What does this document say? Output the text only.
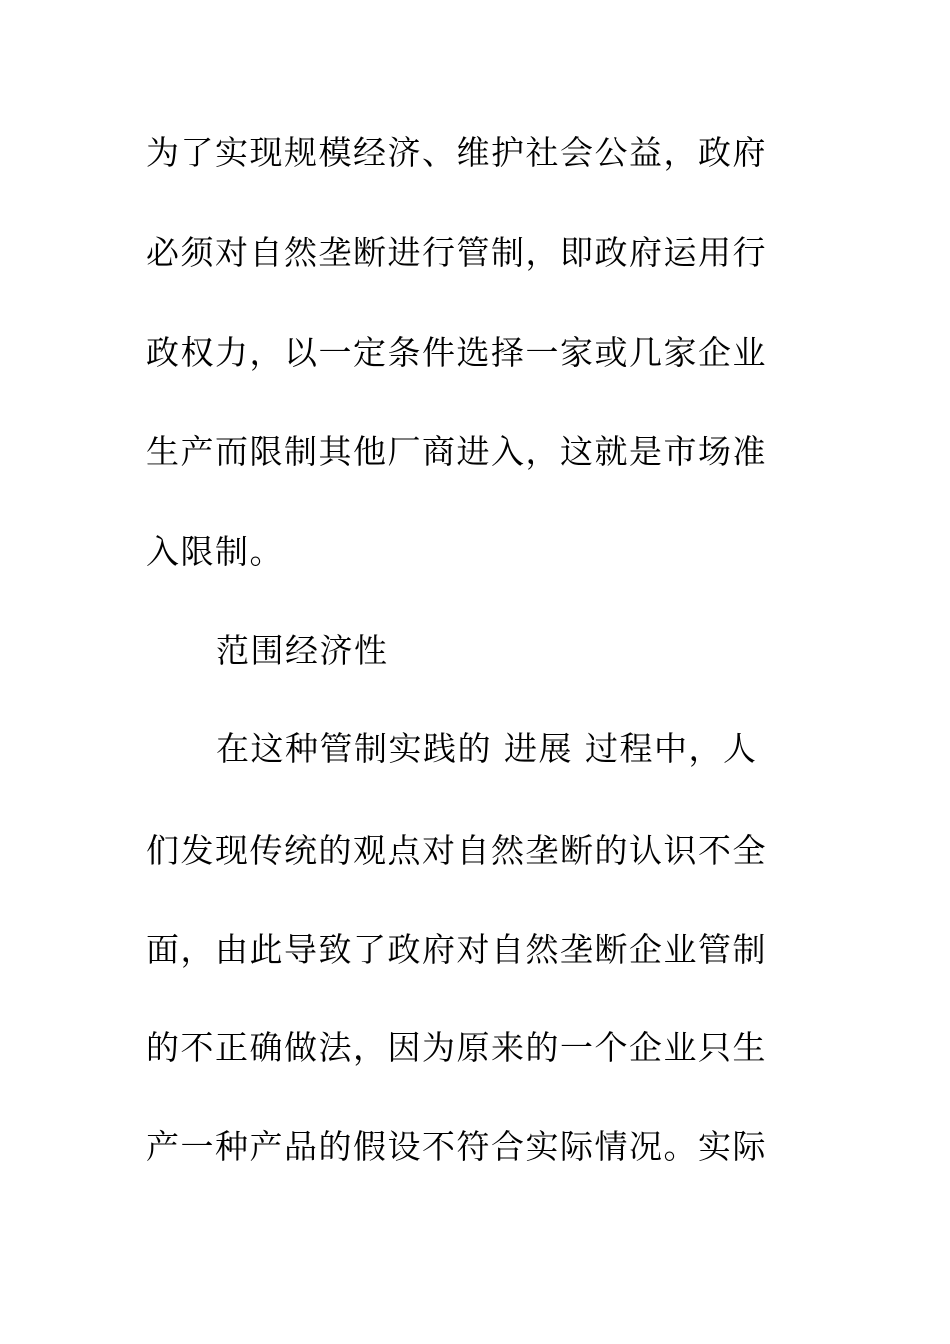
为了实现规模经济、维护社会公益，政府
必须对自然垄断进行管制，即政府运用行
政权力，以一定条件选择一家或几家企业
生产而限制其他厂商进入，这就是市场准
入限制。
范围经济性
在这种管制实践的 进展 过程中，人
们发现传统的观点对自然垄断的认识不全
面，由此导致了政府对自然垄断企业管制
的不正确做法，因为原来的一个企业只生
产一种产品的假设不符合实际情况。实际
